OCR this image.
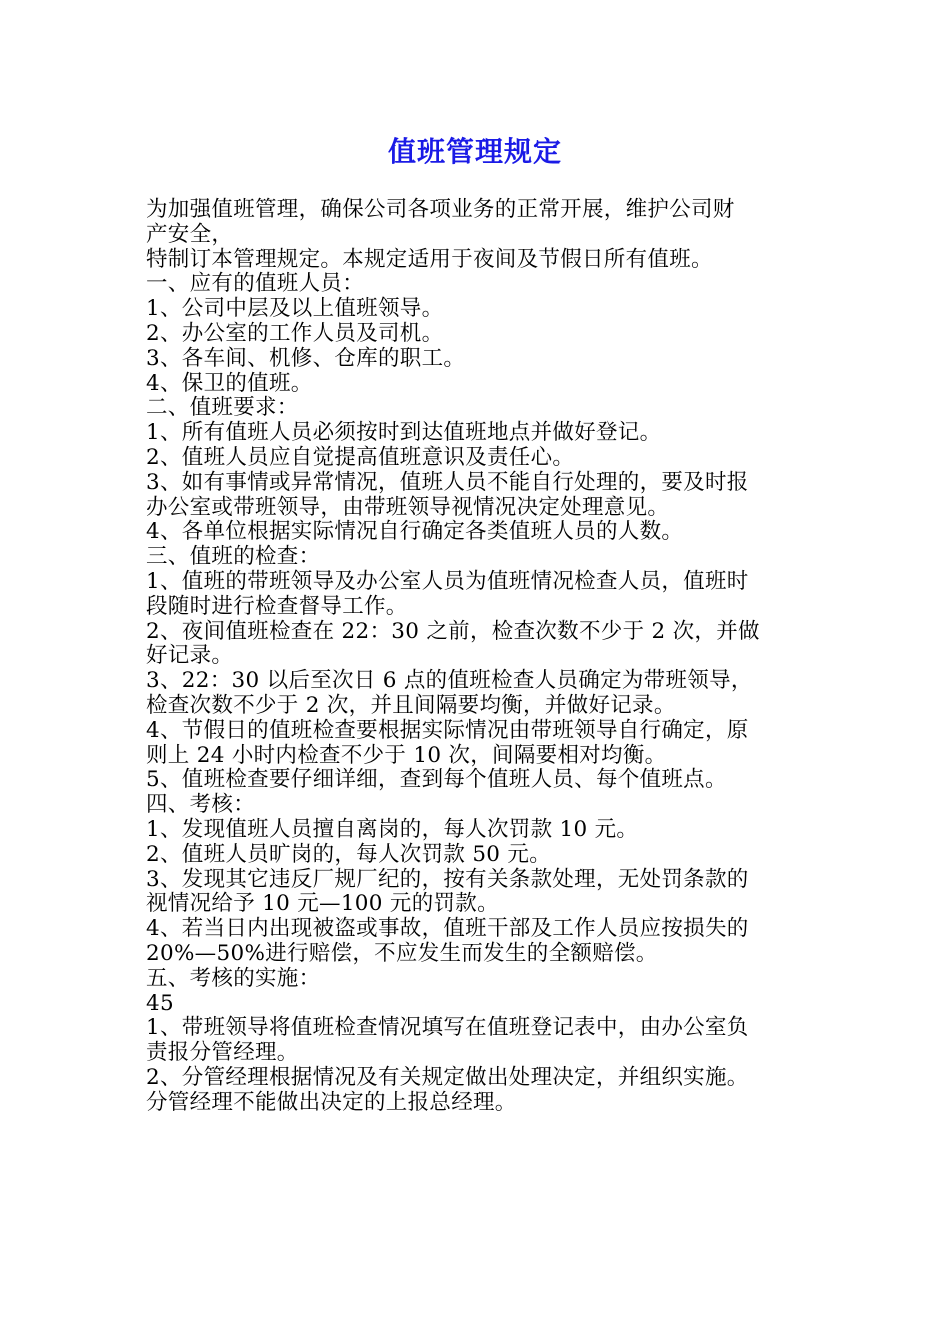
值班管理规定
为加强值班管理，确保公司各项业务的正常开展，维护公司财
产安全，
特制订本管理规定。本规定适用于夜间及节假日所有值班。
一、应有的值班人员：
1、公司中层及以上值班领导。
2、办公室的工作人员及司机。
3、各车间、机修、仓库的职工。
4、保卫的值班。
二、值班要求：
1、所有值班人员必须按时到达值班地点并做好登记。
2、值班人员应自觉提高值班意识及责任心。
3、如有事情或异常情况，值班人员不能自行处理的，要及时报
办公室或带班领导，由带班领导视情况决定处理意见。
4、各单位根据实际情况自行确定各类值班人员的人数。
三、值班的检查：
1、值班的带班领导及办公室人员为值班情况检查人员，值班时
段随时进行检查督导工作。
2、夜间值班检查在 22：30 之前，检查次数不少于 2 次，并做
好记录。
3、22：30 以后至次日 6 点的值班检查人员确定为带班领导，
检查次数不少于 2 次，并且间隔要均衡，并做好记录。
4、节假日的值班检查要根据实际情况由带班领导自行确定，原
则上 24 小时内检查不少于 10 次，间隔要相对均衡。
5、值班检查要仔细详细，查到每个值班人员、每个值班点。
四、考核：
1、发现值班人员擅自离岗的，每人次罚款 10 元。
2、值班人员旷岗的，每人次罚款 50 元。
3、发现其它违反厂规厂纪的，按有关条款处理，无处罚条款的
视情况给予 10 元—100 元的罚款。
4、若当日内出现被盗或事故，值班干部及工作人员应按损失的
20%—50%进行赔偿，不应发生而发生的全额赔偿。
五、考核的实施：
45
1、带班领导将值班检查情况填写在值班登记表中，由办公室负
责报分管经理。
2、分管经理根据情况及有关规定做出处理决定，并组织实施。
分管经理不能做出决定的上报总经理。
